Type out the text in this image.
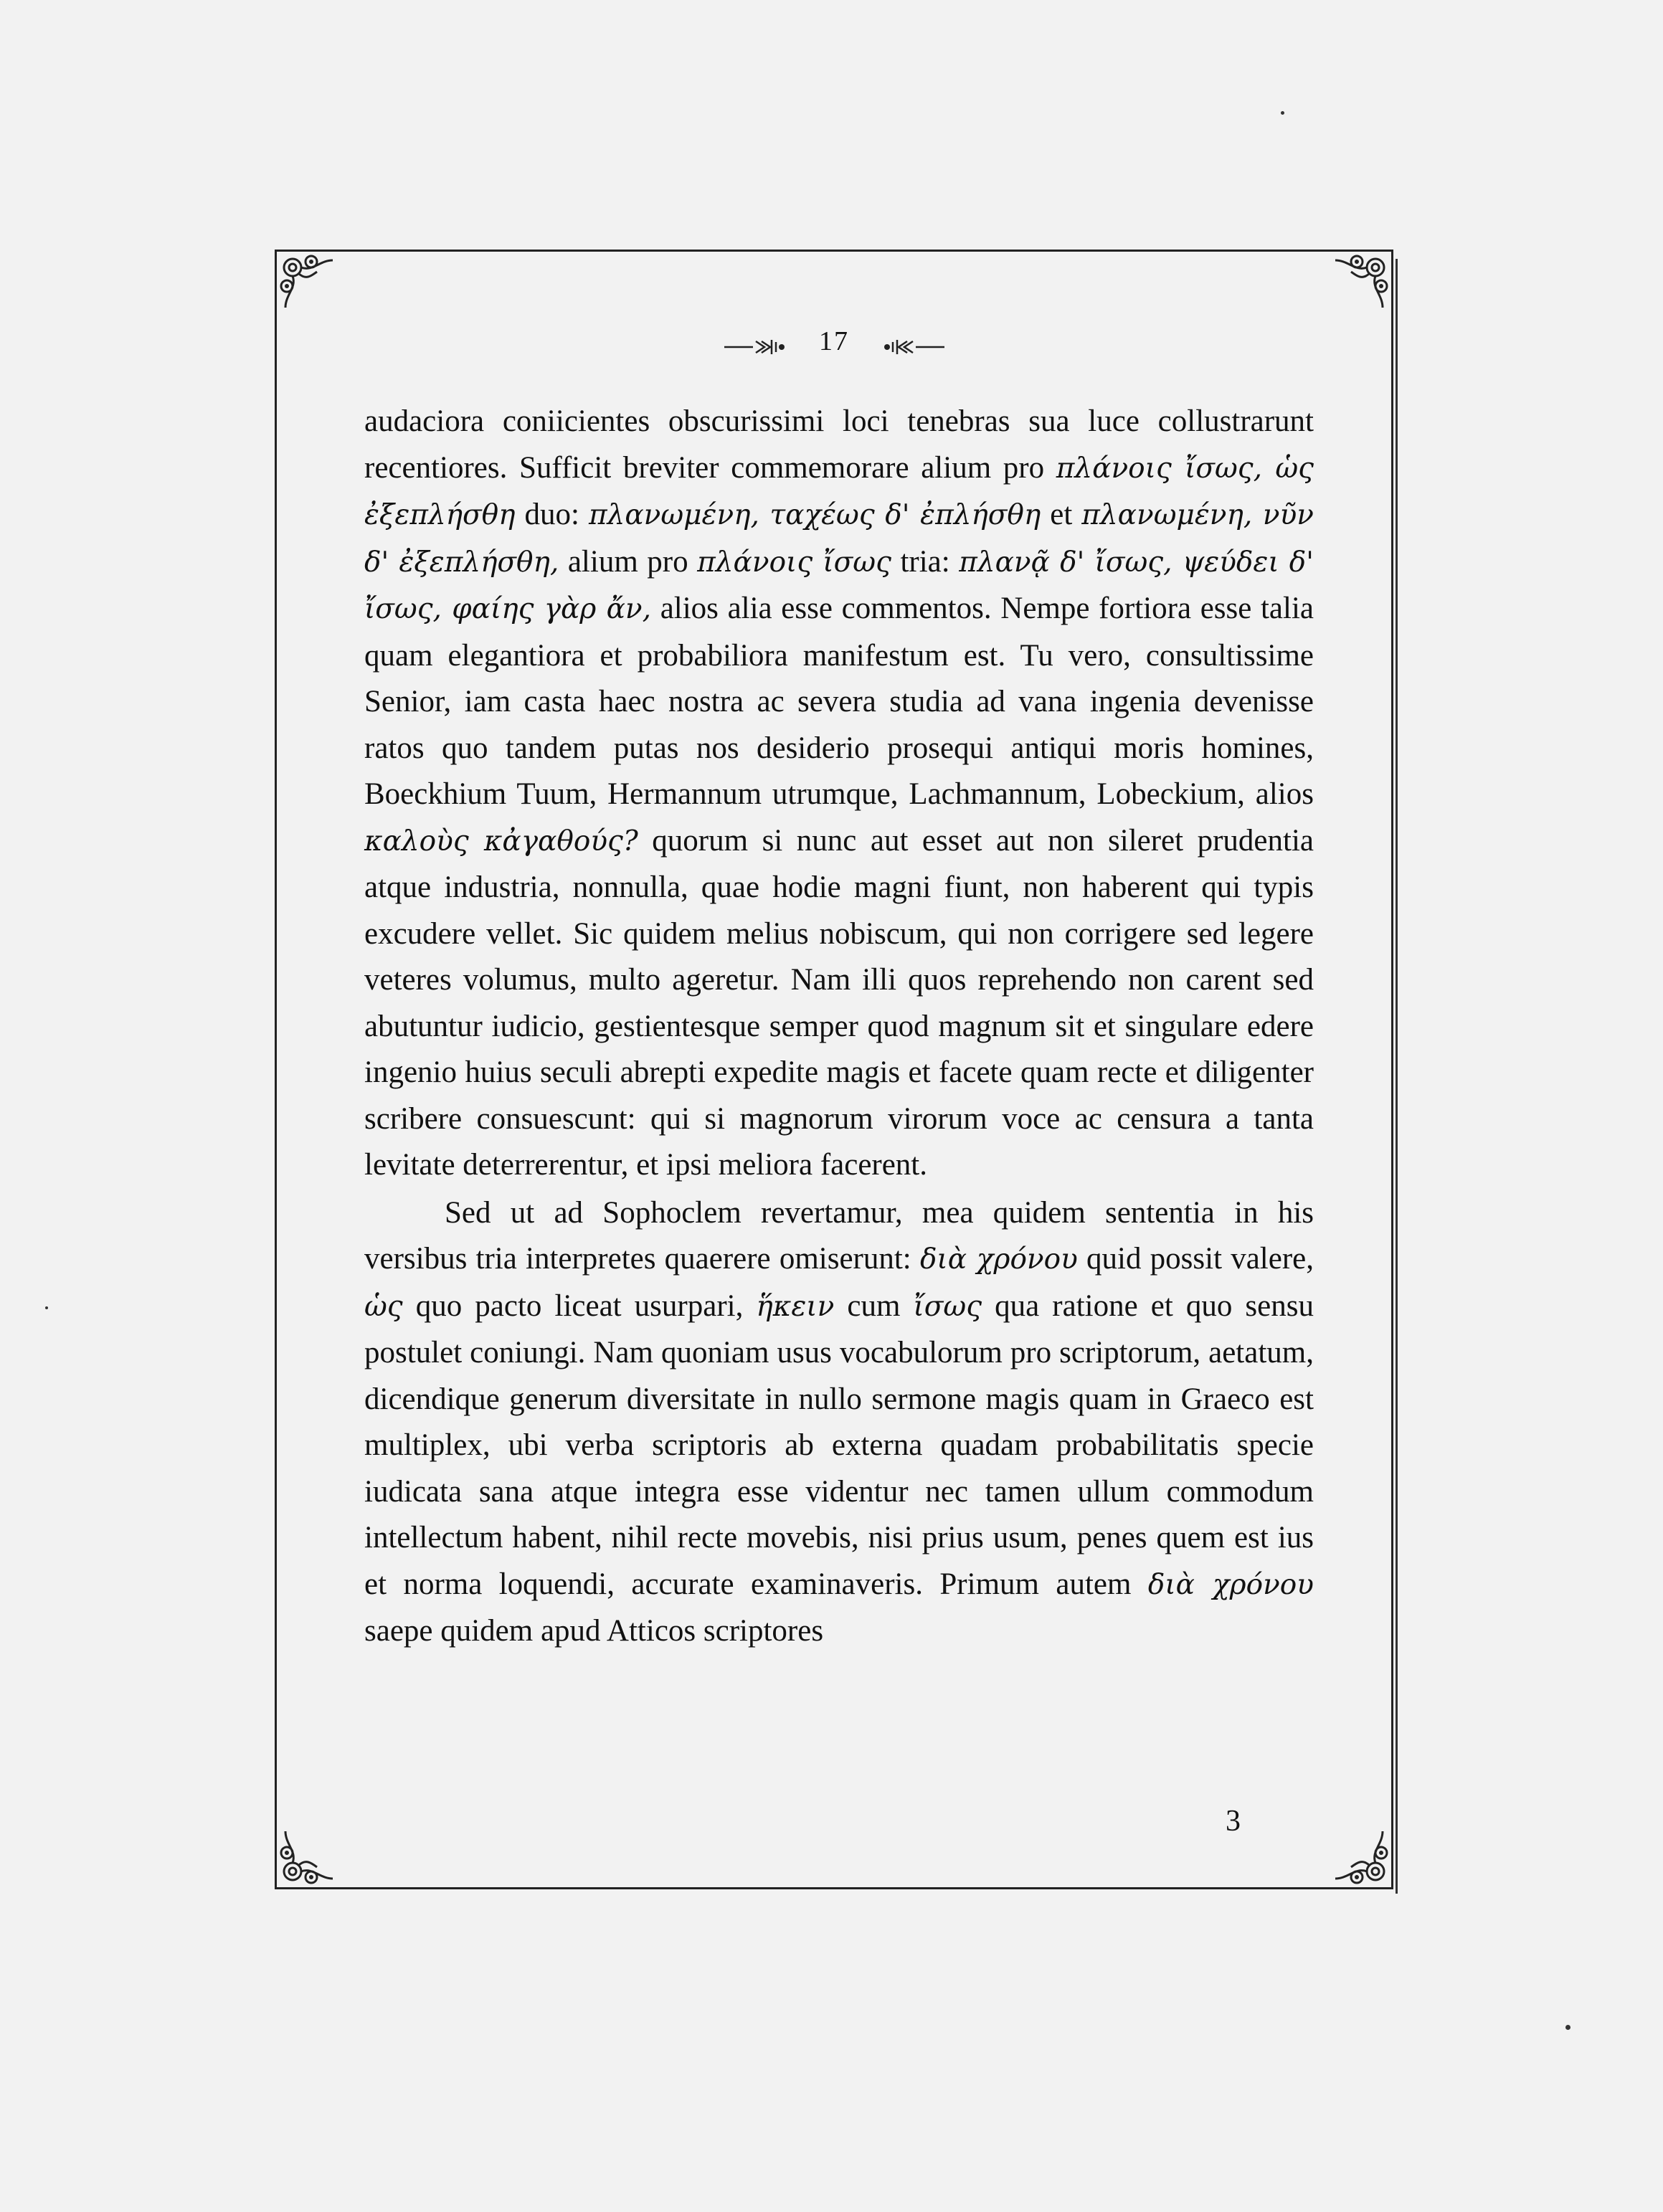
17

audaciora coniicientes obscurissimi loci tenebras sua luce collustrarunt recentiores. Sufficit breviter commemorare alium pro πλάνοις ἴσως, ὡς ἐξεπλήσθη duo: πλανωμένη, ταχέως δ' ἐπλήσθη et πλανωμένη, νῦν δ' ἐξεπλήσθη, alium pro πλάνοις ἴσως tria: πλανᾷ δ' ἴσως, ψεύδει δ' ἴσως, φαίης γὰρ ἄν, alios alia esse commentos. Nempe fortiora esse talia quam elegantiora et probabiliora manifestum est. Tu vero, consultissime Senior, iam casta haec nostra ac severa studia ad vana ingenia devenisse ratos quo tandem putas nos desiderio prosequi antiqui moris homines, Boeckhium Tuum, Hermannum utrumque, Lachmannum, Lobeckium, alios καλοὺς κἀγαθούς? quorum si nunc aut esset aut non sileret prudentia atque industria, nonnulla, quae hodie magni fiunt, non haberent qui typis excudere vellet. Sic quidem melius nobiscum, qui non corrigere sed legere veteres volumus, multo ageretur. Nam illi quos reprehendo non carent sed abutuntur iudicio, gestientesque semper quod magnum sit et singulare edere ingenio huius seculi abrepti expedite magis et facete quam recte et diligenter scribere consuescunt: qui si magnorum virorum voce ac censura a tanta levitate deterrerentur, et ipsi meliora facerent.

Sed ut ad Sophoclem revertamur, mea quidem sententia in his versibus tria interpretes quaerere omiserunt: διὰ χρόνου quid possit valere, ὡς quo pacto liceat usurpari, ἥκειν cum ἴσως qua ratione et quo sensu postulet coniungi. Nam quoniam usus vocabulorum pro scriptorum, aetatum, dicendique generum diversitate in nullo sermone magis quam in Graeco est multiplex, ubi verba scriptoris ab externa quadam probabilitatis specie iudicata sana atque integra esse videntur nec tamen ullum commodum intellectum habent, nihil recte movebis, nisi prius usum, penes quem est ius et norma loquendi, accurate examinaveris. Primum autem διὰ χρόνου saepe quidem apud Atticos scriptores

3
